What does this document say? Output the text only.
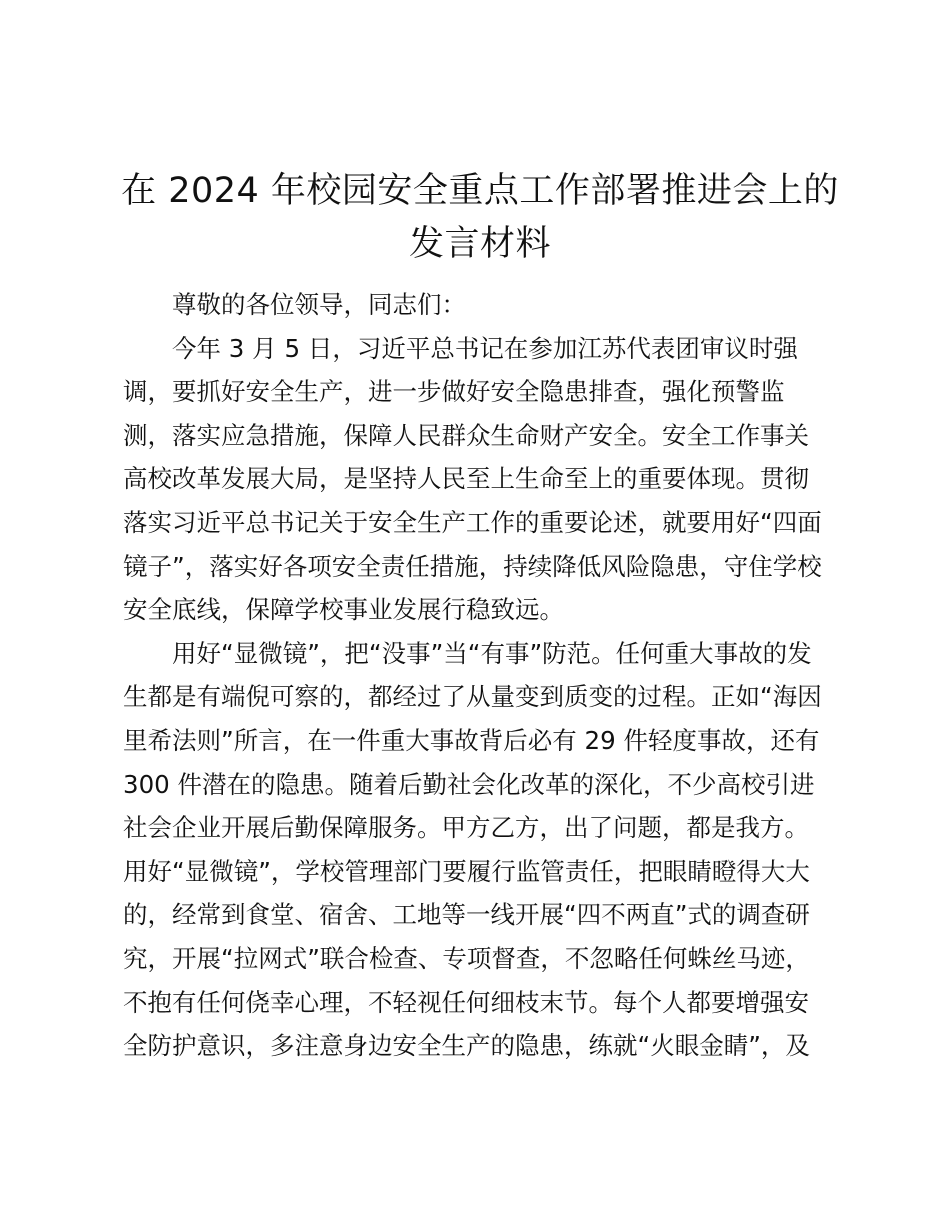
在 2024 年校园安全重点工作部署推进会上的
发言材料
尊敬的各位领导，同志们：
今年 3 月 5 日，习近平总书记在参加江苏代表团审议时强
调，要抓好安全生产，进一步做好安全隐患排查，强化预警监
测，落实应急措施，保障人民群众生命财产安全。安全工作事关
高校改革发展大局，是坚持人民至上生命至上的重要体现。贯彻
落实习近平总书记关于安全生产工作的重要论述，就要用好“四面
镜子”，落实好各项安全责任措施，持续降低风险隐患，守住学校
安全底线，保障学校事业发展行稳致远。
用好“显微镜”，把“没事”当“有事”防范。任何重大事故的发
生都是有端倪可察的，都经过了从量变到质变的过程。正如“海因
里希法则”所言，在一件重大事故背后必有 29 件轻度事故，还有
300 件潜在的隐患。随着后勤社会化改革的深化，不少高校引进
社会企业开展后勤保障服务。甲方乙方，出了问题，都是我方。
用好“显微镜”，学校管理部门要履行监管责任，把眼睛瞪得大大
的，经常到食堂、宿舍、工地等一线开展“四不两直”式的调查研
究，开展“拉网式”联合检查、专项督查，不忽略任何蛛丝马迹，
不抱有任何侥幸心理，不轻视任何细枝末节。每个人都要增强安
全防护意识，多注意身边安全生产的隐患，练就“火眼金睛”，及
